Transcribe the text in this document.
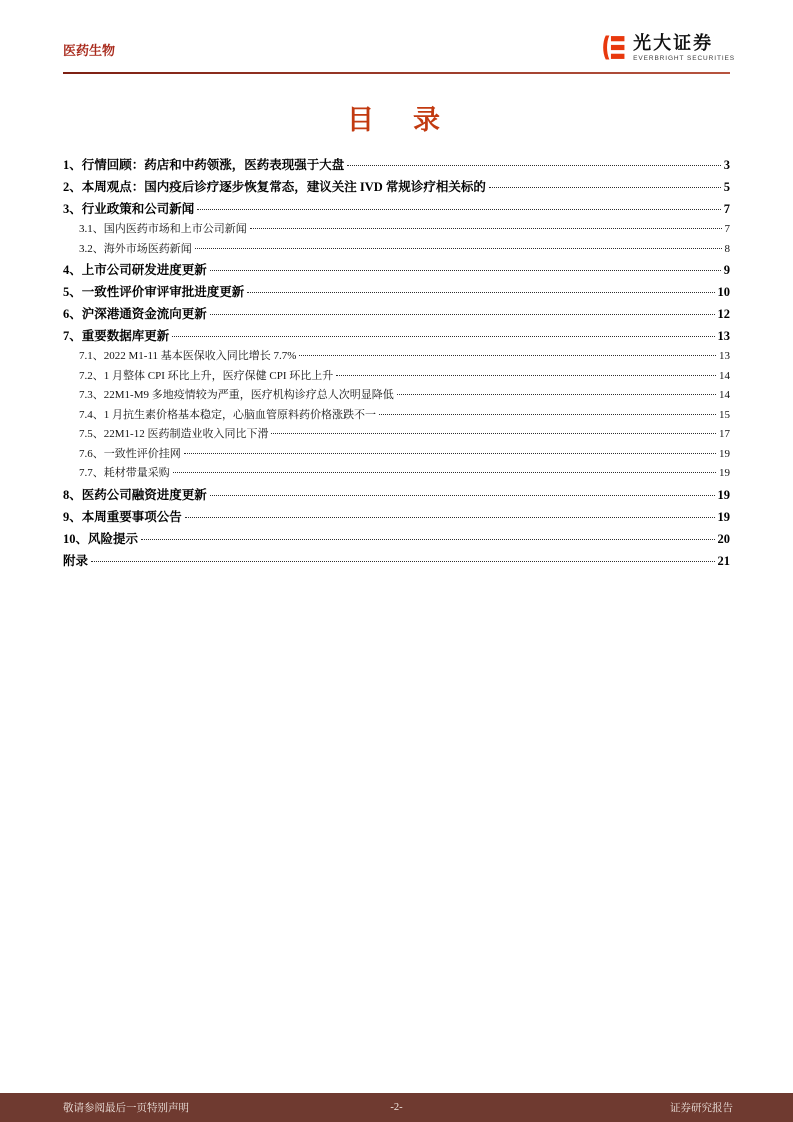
医药生物	光大证券
EVERBRIGHT SECURITIES
目　录
1、行情回顾：药店和中药领涨，医药表现强于大盘	3
2、本周观点：国内疫后诊疗逐步恢复常态，建议关注 IVD 常规诊疗相关标的	5
3、行业政策和公司新闻	7
3.1、国内医药市场和上市公司新闻	7
3.2、海外市场医药新闻	8
4、上市公司研发进度更新	9
5、一致性评价审评审批进度更新	10
6、沪深港通资金流向更新	12
7、重要数据库更新	13
7.1、2022 M1-11 基本医保收入同比增长 7.7%	13
7.2、1 月整体 CPI 环比上升，医疗保健 CPI 环比上升	14
7.3、22M1-M9 多地疫情较为严重，医疗机构诊疗总人次明显降低	14
7.4、1 月抗生素价格基本稳定，心脑血管原料药价格涨跌不一	15
7.5、22M1-12 医药制造业收入同比下滑	17
7.6、一致性评价挂网	19
7.7、耗材带量采购	19
8、医药公司融资进度更新	19
9、本周重要事项公告	19
10、风险提示	20
附录	21
-2-
敬请参阅最后一页特别声明	证券研究报告
